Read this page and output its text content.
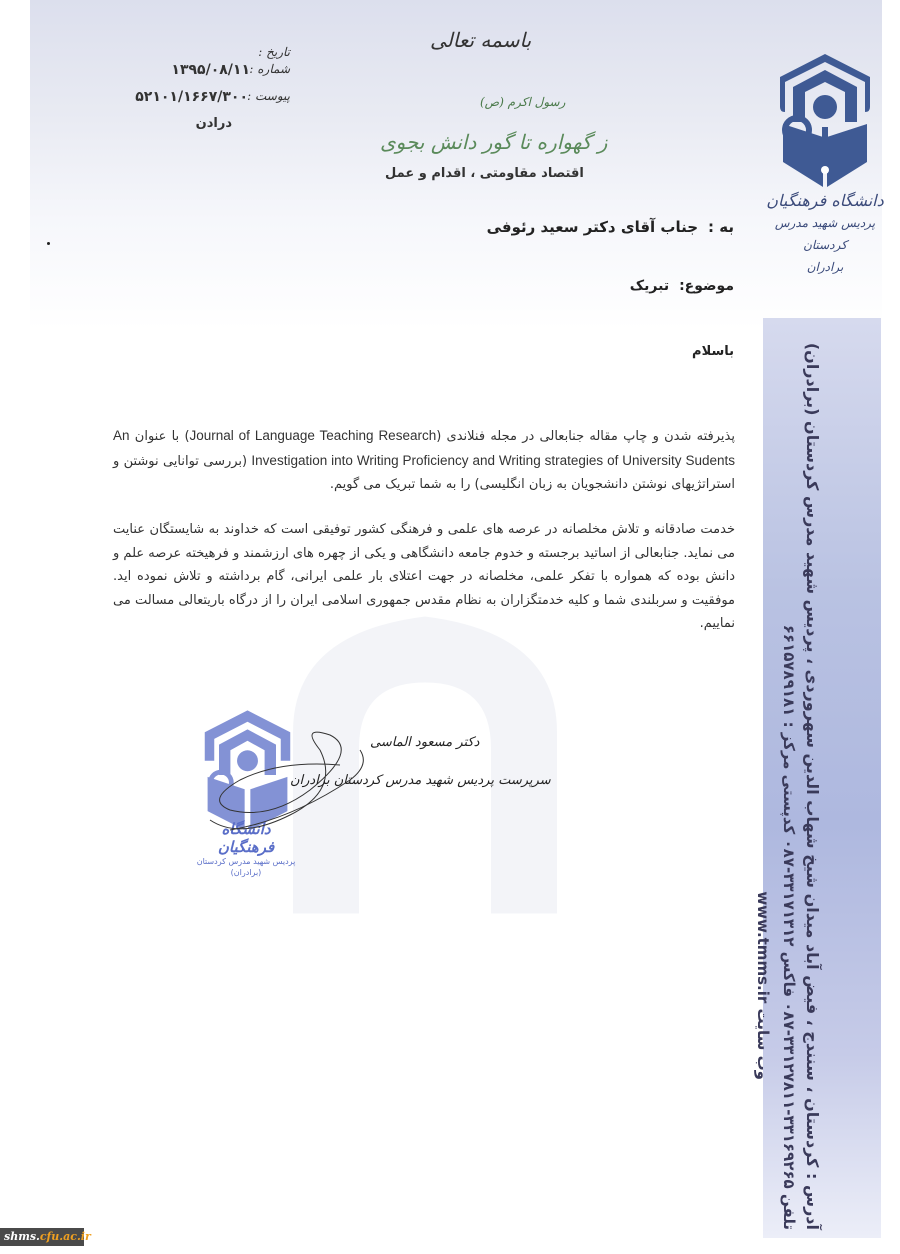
آدرس : کردستان ، سنندج ، فیض آباد میدان شیخ شهاب الدین سهروردی ، پردیس شهید مدرس کردستان (برادران)
تلفن ۳۳۱۶۹۲۶۵-۳۳۱۲۷۸۱۱-۰۸۷ فاکس ۳۳۱۷۱۳۱۲-۰۸۷ کدپستی مرکز : ۶۶۱۵۷۸۹۱۸۱
وب سایت www.tmms.ir
دانشگاه فرهنگیان
پردیس شهید مدرس کردستان
برادران
باسمه تعالی
رسول اکرم (ص)
ز گهواره تا گور دانش بجوی
اقتصاد مقاومتی ، اقدام و عمل
تاریخ :
شماره :
۱۳۹۵/۰۸/۱۱
پیوست :
۵۲۱۰۱/۱۶۶۷/۳۰۰
ندارد
به :جناب آقای دکتر سعید رئوفی
موضوع:تبریک
باسلام
پذیرفته شدن و چاپ مقاله جنابعالی در مجله فنلاندی (Journal of Language Teaching Research) با عنوان An Investigation into Writing Proficiency and Writing strategies of University Sudents (بررسی توانایی نوشتن و استراتژیهای نوشتن دانشجویان به زبان انگلیسی) را به شما تبریک می گویم.
خدمت صادقانه و تلاش مخلصانه در عرصه های علمی و فرهنگی کشور توفیقی است که خداوند به شایستگان عنایت می نماید. جنابعالی از اساتید برجسته و خدوم جامعه دانشگاهی و یکی از چهره های ارزشمند و فرهیخته عرصه علم و دانش بوده که همواره با تفکر علمی، مخلصانه در جهت اعتلای بار علمی ایرانی، گام برداشته و تلاش نموده اید. موفقیت و سربلندی شما و کلیه خدمتگزاران به نظام مقدس جمهوری اسلامی ایران را از درگاه باریتعالی مسالت می نماییم.
دانشگاه فرهنگیان
پردیس شهید مدرس کردستان
(برادران)
دکتر مسعود الماسی
سرپرست پردیس شهید مدرس کردستان برادران
shms.cfu.ac.ir
